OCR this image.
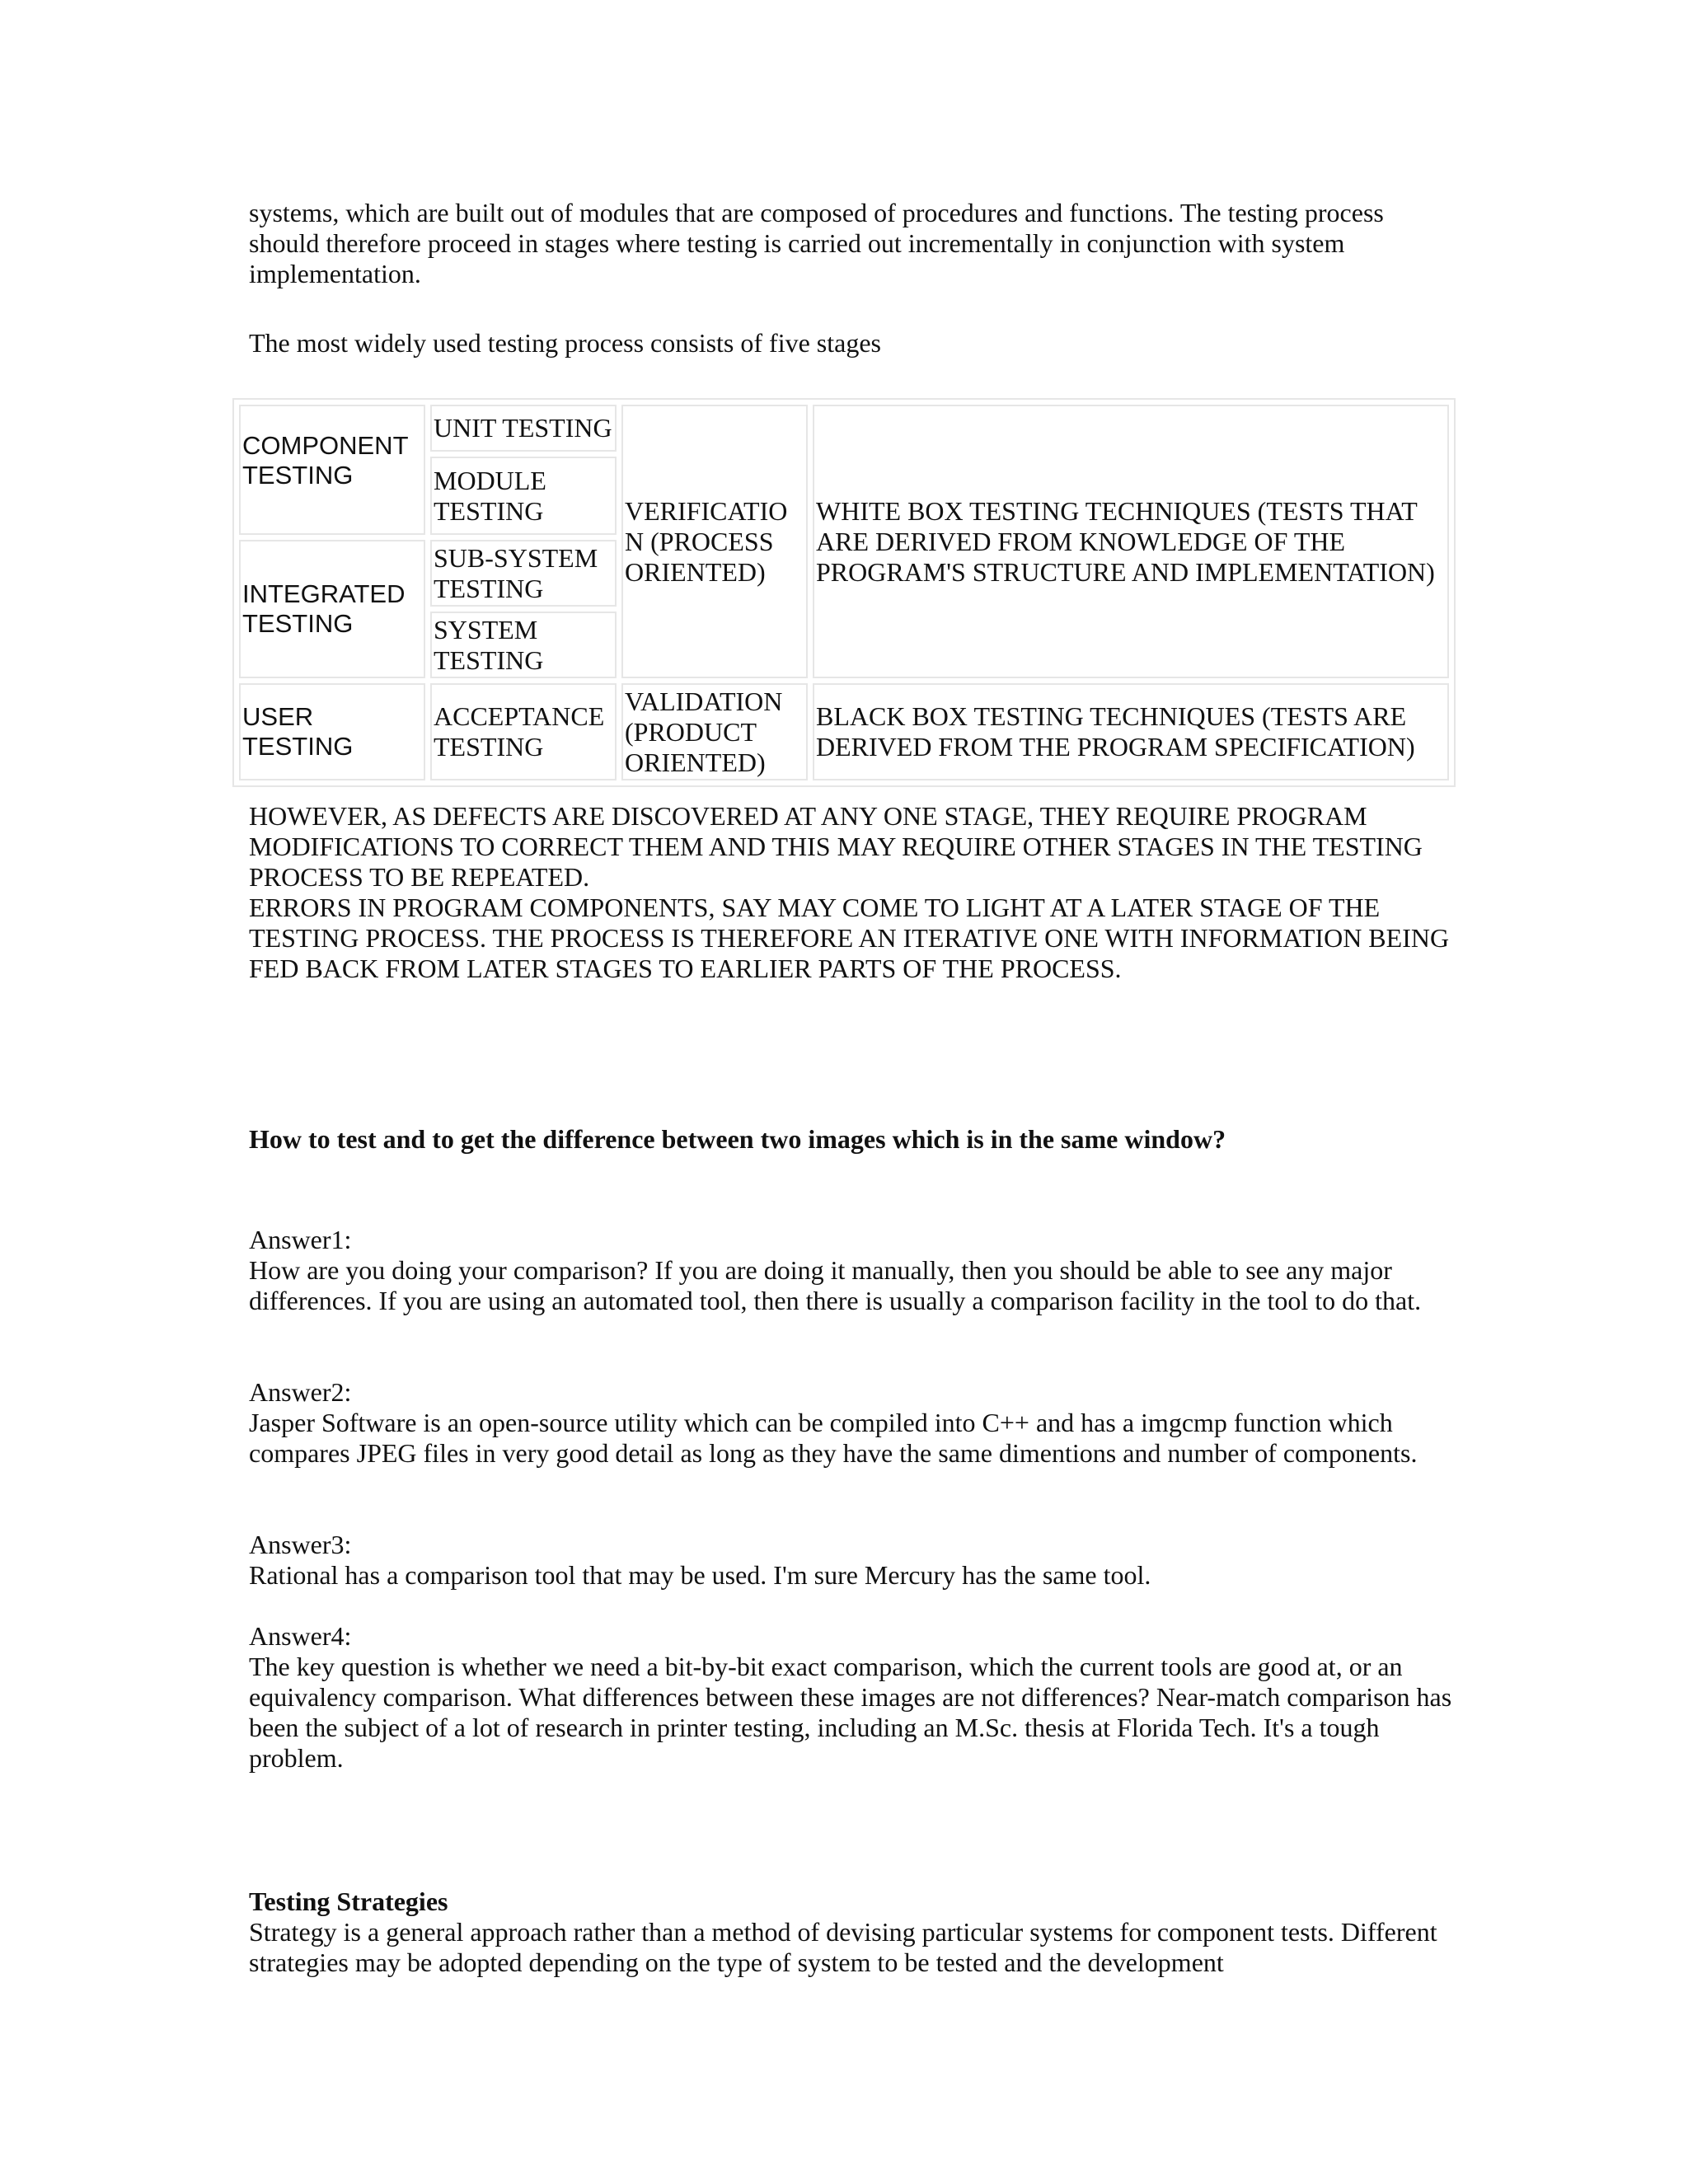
systems, which are built out of modules that are composed of procedures and functions. The testing process should therefore proceed in stages where testing is carried out incrementally in conjunction with system implementation.

The most widely used testing process consists of five stages

COMPONENT TESTING	UNIT TESTING	VERIFICATIO N (PROCESS ORIENTED)	WHITE BOX TESTING TECHNIQUES (TESTS THAT ARE DERIVED FROM KNOWLEDGE OF THE PROGRAM'S STRUCTURE AND IMPLEMENTATION)

	MODULE TESTING		

INTEGRATED TESTING	SUB-SYSTEM TESTING		

	SYSTEM TESTING		

USER TESTING	ACCEPTANCE TESTING	VALIDATION (PRODUCT ORIENTED)	BLACK BOX TESTING TECHNIQUES (TESTS ARE DERIVED FROM THE PROGRAM SPECIFICATION)
HOWEVER, AS DEFECTS ARE DISCOVERED AT ANY ONE STAGE, THEY REQUIRE PROGRAM MODIFICATIONS TO CORRECT THEM AND THIS MAY REQUIRE OTHER STAGES IN THE TESTING PROCESS TO BE REPEATED.
ERRORS IN PROGRAM COMPONENTS, SAY MAY COME TO LIGHT AT A LATER STAGE OF THE TESTING PROCESS. THE PROCESS IS THEREFORE AN ITERATIVE ONE WITH INFORMATION BEING FED BACK FROM LATER STAGES TO EARLIER PARTS OF THE PROCESS.

How to test and to get the difference between two images which is in the same window?

Answer1:
How are you doing your comparison? If you are doing it manually, then you should be able to see any major differences. If you are using an automated tool, then there is usually a comparison facility in the tool to do that.
Answer2:
Jasper Software is an open-source utility which can be compiled into C++ and has a imgcmp function which compares JPEG files in very good detail as long as they have the same dimentions and number of components.
Answer3:
Rational has a comparison tool that may be used. I'm sure Mercury has the same tool.
Answer4:
The key question is whether we need a bit-by-bit exact comparison, which the current tools are good at, or an equivalency comparison. What differences between these images are not differences? Near-match comparison has been the subject of a lot of research in printer testing, including an M.Sc. thesis at Florida Tech. It's a tough problem.
Testing Strategies
Strategy is a general approach rather than a method of devising particular systems for component tests. Different strategies may be adopted depending on the type of system to be tested and the development
